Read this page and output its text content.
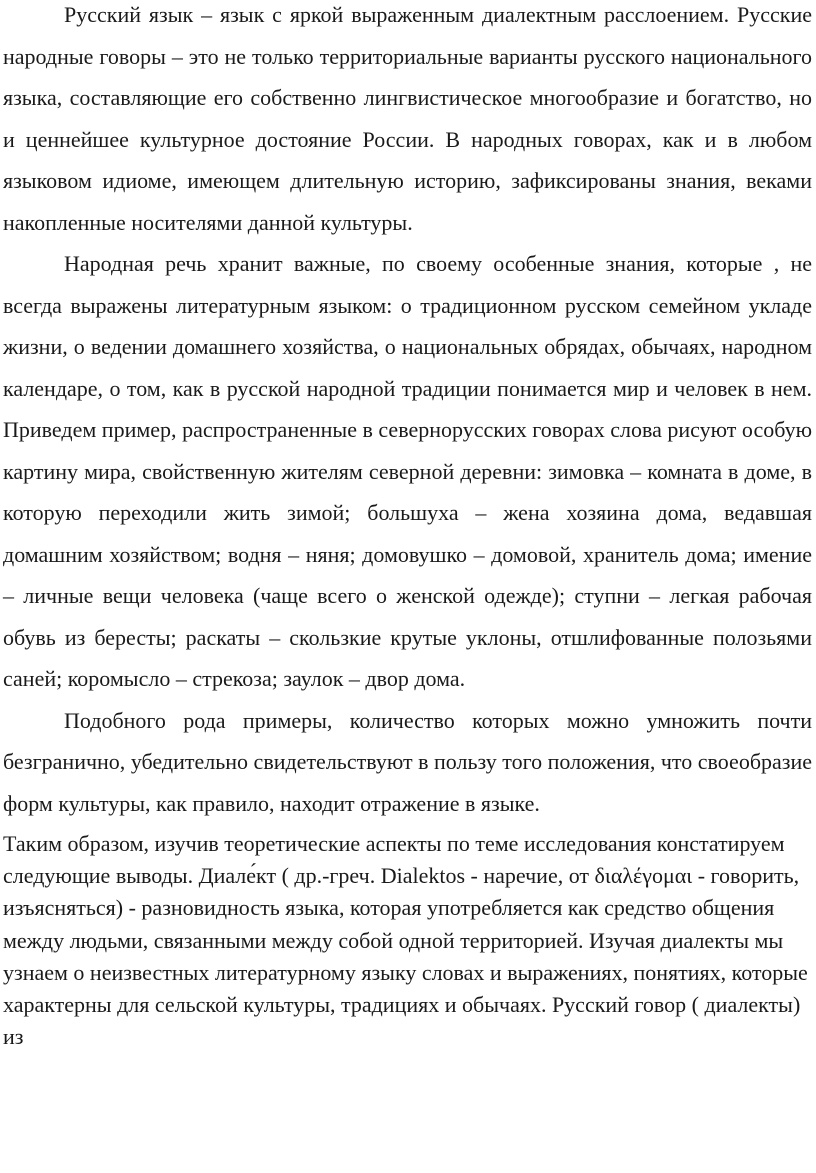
Русский язык – язык с яркой выраженным диалектным расслоением. Русские народные говоры – это не только территориальные варианты русского национального языка, составляющие его собственно лингвистическое многообразие и богатство, но и ценнейшее культурное достояние России. В народных говорах, как и в любом языковом идиоме, имеющем длительную историю, зафиксированы знания, веками накопленные носителями данной культуры.

Народная речь хранит важные, по своему особенные знания, которые , не всегда выражены литературным языком: о традиционном русском семейном укладе жизни, о ведении домашнего хозяйства, о национальных обрядах, обычаях, народном календаре, о том, как в русской народной традиции понимается мир и человек в нем. Приведем пример, распространенные в севернорусских говорах слова рисуют особую картину мира, свойственную жителям северной деревни: зимовка – комната в доме, в которую переходили жить зимой; большуха – жена хозяина дома, ведавшая домашним хозяйством; водня – няня; домовушко – домовой, хранитель дома; имение – личные вещи человека (чаще всего о женской одежде); ступни – легкая рабочая обувь из бересты; раскаты – скользкие крутые уклоны, отшлифованные полозьями саней; коромысло – стрекоза; заулок – двор дома.

Подобного рода примеры, количество которых можно умножить почти безгранично, убедительно свидетельствуют в пользу того положения, что своеобразие форм культуры, как правило, находит отражение в языке.

Таким образом, изучив теоретические аспекты по теме исследования констатируем следующие выводы. Диале́кт ( др.-греч. Dialektos - наречие, от διαλέγομαι - говорить, изъясняться) - разновидность языка, которая употребляется как средство общения между людьми, связанными между собой одной территорией. Изучая диалекты мы узнаем о неизвестных литературному языку словах и выражениях, понятиях, которые характерны для сельской культуры, традициях и обычаях. Русский говор ( диалекты) из
